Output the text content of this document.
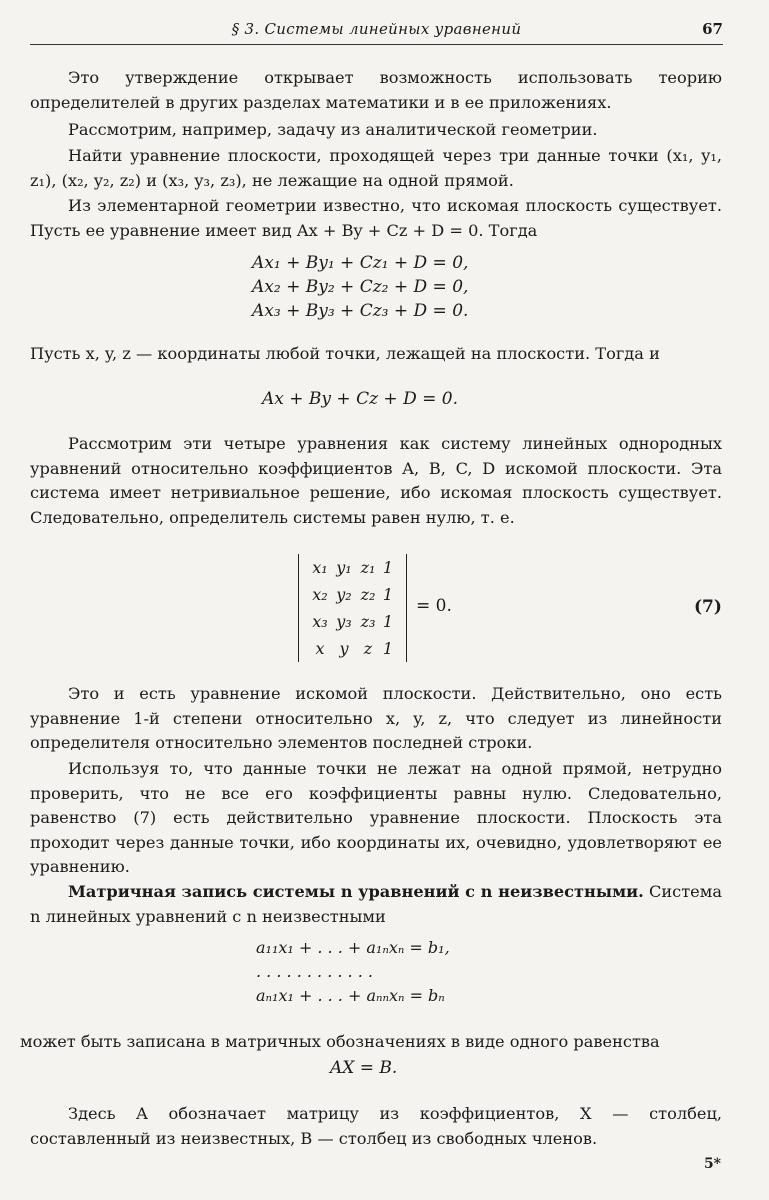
§ 3. Системы линейных уравнений	67

Это утверждение открывает возможность использовать теорию определителей в других разделах математики и в ее приложениях.

Рассмотрим, например, задачу из аналитической геометрии.

Найти уравнение плоскости, проходящей через три данные точки (x₁, y₁, z₁), (x₂, y₂, z₂) и (x₃, y₃, z₃), не лежащие на одной прямой.

Из элементарной геометрии известно, что искомая плоскость существует. Пусть ее уравнение имеет вид Ax + By + Cz + D = 0. Тогда

Ax₁ + By₁ + Cz₁ + D = 0,
Ax₂ + By₂ + Cz₂ + D = 0,
Ax₃ + By₃ + Cz₃ + D = 0.

Пусть x, y, z — координаты любой точки, лежащей на плоскости. Тогда и

Ax + By + Cz + D = 0.

Рассмотрим эти четыре уравнения как систему линейных однородных уравнений относительно коэффициентов A, B, C, D искомой плоскости. Эта система имеет нетривиальное решение, ибо искомая плоскость существует. Следовательно, определитель системы равен нулю, т. е.

x₁ y₁ z₁ 1
x₂ y₂ z₂ 1
x₃ y₃ z₃ 1
x y z 1
= 0.	(7)

Это и есть уравнение искомой плоскости. Действительно, оно есть уравнение 1-й степени относительно x, y, z, что следует из линейности определителя относительно элементов последней строки.

Используя то, что данные точки не лежат на одной прямой, нетрудно проверить, что не все его коэффициенты равны нулю. Следовательно, равенство (7) есть действительно уравнение плоскости. Плоскость эта проходит через данные точки, ибо координаты их, очевидно, удовлетворяют ее уравнению.

Матричная запись системы n уравнений с n неизвестными. Система n линейных уравнений с n неизвестными

a₁₁x₁ + . . . + a₁ₙxₙ = b₁,
. . . . . . . . . . . .
aₙ₁x₁ + . . . + aₙₙxₙ = bₙ

может быть записана в матричных обозначениях в виде одного равенства

AX = B.

Здесь A обозначает матрицу из коэффициентов, X — столбец, составленный из неизвестных, B — столбец из свободных членов.

5*
